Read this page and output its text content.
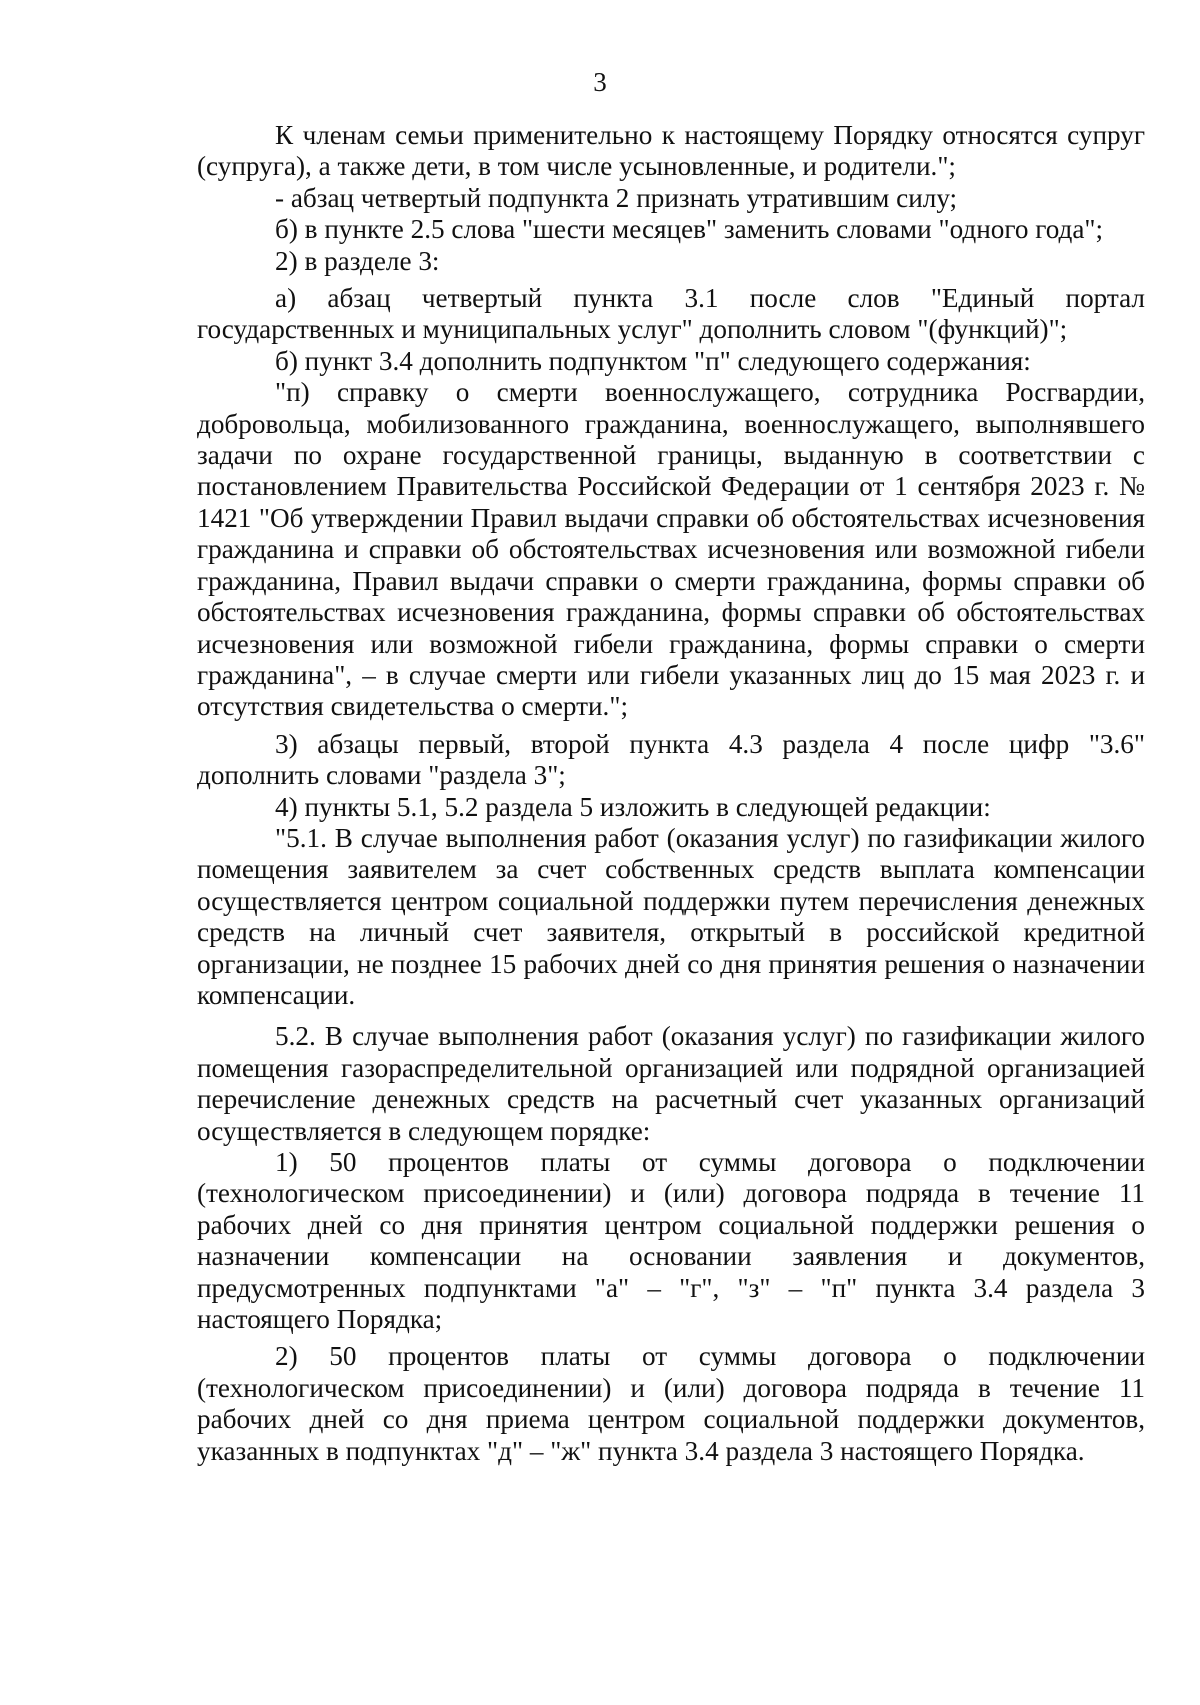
3

К членам семьи применительно к настоящему Порядку относятся супруг (супруга), а также дети, в том числе усыновленные, и родители.";

- абзац четвертый подпункта 2 признать утратившим силу;

б) в пункте 2.5 слова "шести месяцев" заменить словами "одного года";

2) в разделе 3:

а) абзац четвертый пункта 3.1 после слов "Единый портал государственных и муниципальных услуг" дополнить словом "(функций)";

б) пункт 3.4 дополнить подпунктом "п" следующего содержания:

"п) справку о смерти военнослужащего, сотрудника Росгвардии, добровольца, мобилизованного гражданина, военнослужащего, выполнявшего задачи по охране государственной границы, выданную в соответствии с постановлением Правительства Российской Федерации от 1 сентября 2023 г. № 1421 "Об утверждении Правил выдачи справки об обстоятельствах исчезновения гражданина и справки об обстоятельствах исчезновения или возможной гибели гражданина, Правил выдачи справки о смерти гражданина, формы справки об обстоятельствах исчезновения гражданина, формы справки об обстоятельствах исчезновения или возможной гибели гражданина, формы справки о смерти гражданина", – в случае смерти или гибели указанных лиц до 15 мая 2023 г. и отсутствия свидетельства о смерти.";

3) абзацы первый, второй пункта 4.3 раздела 4 после цифр "3.6" дополнить словами "раздела 3";

4) пункты 5.1, 5.2 раздела 5 изложить в следующей редакции:

"5.1. В случае выполнения работ (оказания услуг) по газификации жилого помещения заявителем за счет собственных средств выплата компенсации осуществляется центром социальной поддержки путем перечисления денежных средств на личный счет заявителя, открытый в российской кредитной организации, не позднее 15 рабочих дней со дня принятия решения о назначении компенсации.

5.2. В случае выполнения работ (оказания услуг) по газификации жилого помещения газораспределительной организацией или подрядной организацией перечисление денежных средств на расчетный счет указанных организаций осуществляется в следующем порядке:

1) 50 процентов платы от суммы договора о подключении (технологическом присоединении) и (или) договора подряда в течение 11 рабочих дней со дня принятия центром социальной поддержки решения о назначении компенсации на основании заявления и документов, предусмотренных подпунктами "а" – "г", "з" – "п" пункта 3.4 раздела 3 настоящего Порядка;

2) 50 процентов платы от суммы договора о подключении (технологическом присоединении) и (или) договора подряда в течение 11 рабочих дней со дня приема центром социальной поддержки документов, указанных в подпунктах "д" – "ж" пункта 3.4 раздела 3 настоящего Порядка.
